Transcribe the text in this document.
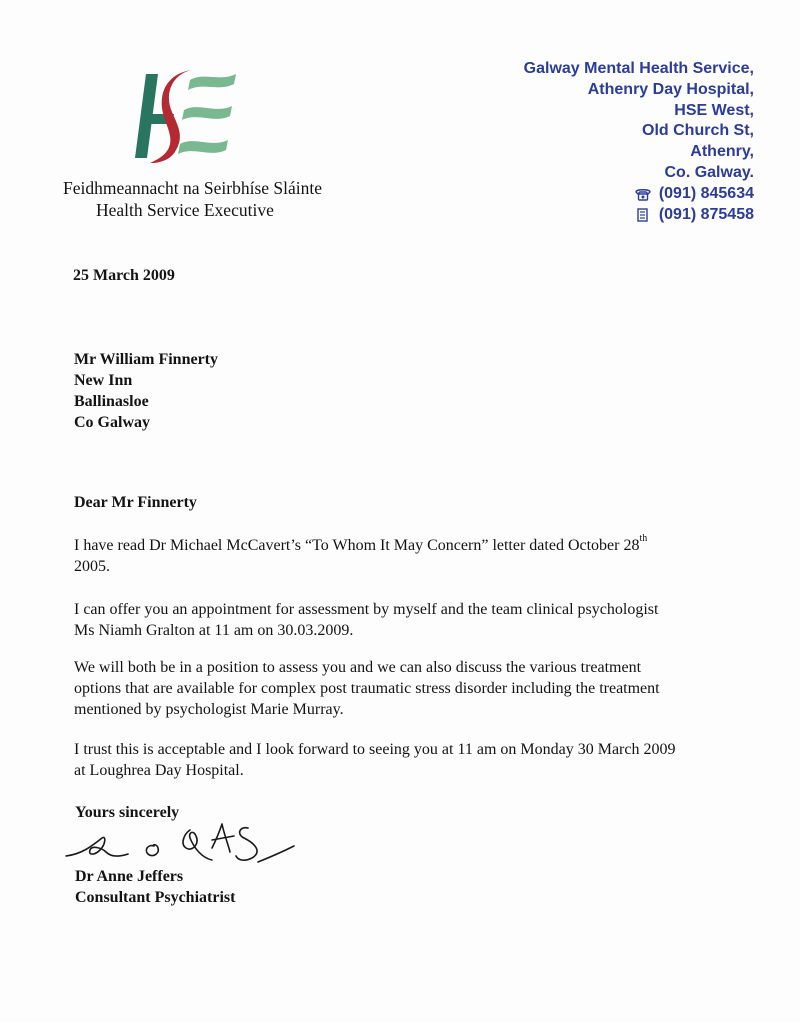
Feidhmeannacht na Seirbhíse Sláinte
Health Service Executive
Galway Mental Health Service,
Athenry Day Hospital,
HSE West,
Old Church St,
Athenry,
Co. Galway.
(091) 845634
(091) 875458
25 March 2009
Mr William Finnerty
New Inn
Ballinasloe
Co Galway
Dear Mr Finnerty
I have read Dr Michael McCavert’s “To Whom It May Concern” letter dated October 28th
2005.
I can offer you an appointment for assessment by myself and the team clinical psychologist
Ms Niamh Gralton at 11 am on 30.03.2009.
We will both be in a position to assess you and we can also discuss the various treatment
options that are available for complex post traumatic stress disorder including the treatment
mentioned by psychologist Marie Murray.
I trust this is acceptable and I look forward to seeing you at 11 am on Monday 30 March 2009
at Loughrea Day Hospital.
Yours sincerely
Dr Anne Jeffers
Consultant Psychiatrist
